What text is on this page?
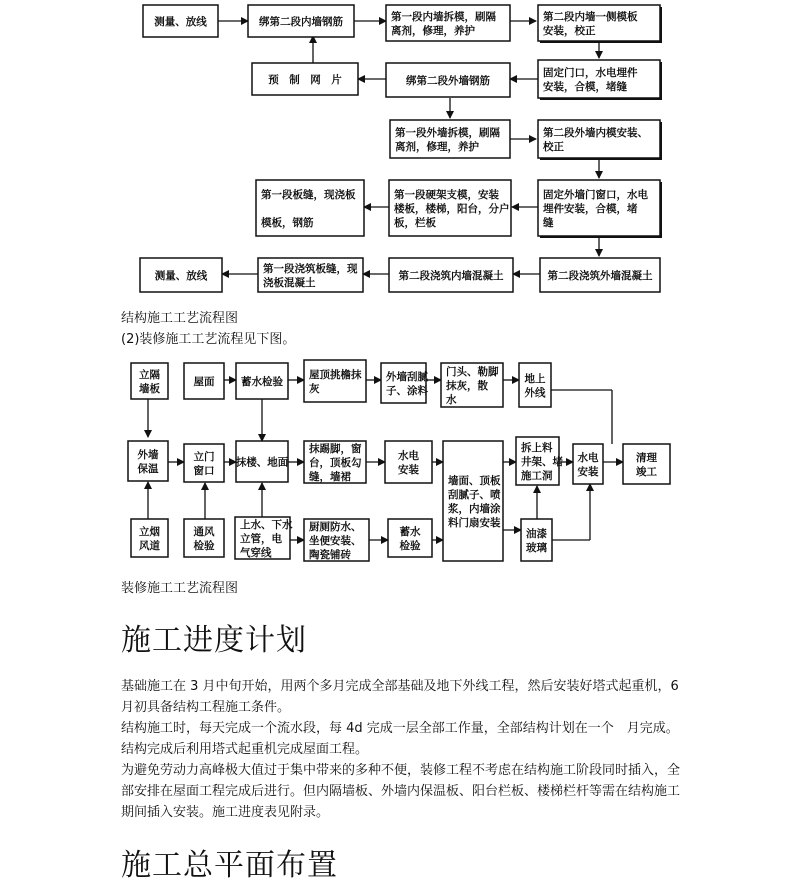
测量、放线	绑第二段内墙钢筋	第一段内墙拆模，刷隔
离剂，修理，养护
第二段内墙一侧模板
安装，校正
预　制　网　片	绑第二段外墙钢筋
固定门口，水电埋件
安装，合模，堵缝
第一段外墙拆模，刷隔
离剂，修理，养护
第二段外墙内模安装、
校正
第一段板缝，现浇板
模板，钢筋
第一段硬架支模，安装
楼板，楼梯，阳台，分户
板，栏板
固定外墙门窗口，水电
埋件安装，合模，堵
缝
测量、放线
第一段浇筑板缝，现
浇板混凝土
第二段浇筑内墙混凝土	第二段浇筑外墙混凝土
立隔
墙板
屋面	蓄水检验
屋顶挑檐抹
灰
外墙刮腻
子、涂料
门头、勒脚
抹灰，散
水
地上
外线
外墙
保温
立门
窗口
抹楼、地面
抹踢脚，窗
台，顶板勾
缝，墙裙
水电
安装
墙面、顶板
刮腻子、喷
浆，内墙涂
料门扇安装
拆上料
井架、堵
施工洞
水电
安装
清理
竣工
立烟
风道
通风
检验
上水、下水
立管，电
气穿线
厨厕防水、
坐便安装、
陶瓷铺砖
蓄水
检验
油漆
玻璃
结构施工工艺流程图
(2)装修施工工艺流程见下图。
装修施工工艺流程图
施工进度计划

基础施工在 3 月中旬开始，用两个多月完成全部基础及地下外线工程，然后安装好塔式起重机，6 月初具备结构工程施工条件。

结构施工时，每天完成一个流水段，每 4d 完成一层全部工作量，全部结构计划在一个　月完成。结构完成后利用塔式起重机完成屋面工程。

为避免劳动力高峰极大值过于集中带来的多种不便，装修工程不考虑在结构施工阶段同时插入，全部安排在屋面工程完成后进行。但内隔墙板、外墙内保温板、阳台栏板、楼梯栏杆等需在结构施工期间插入安装。施工进度表见附录。

施工总平面布置
